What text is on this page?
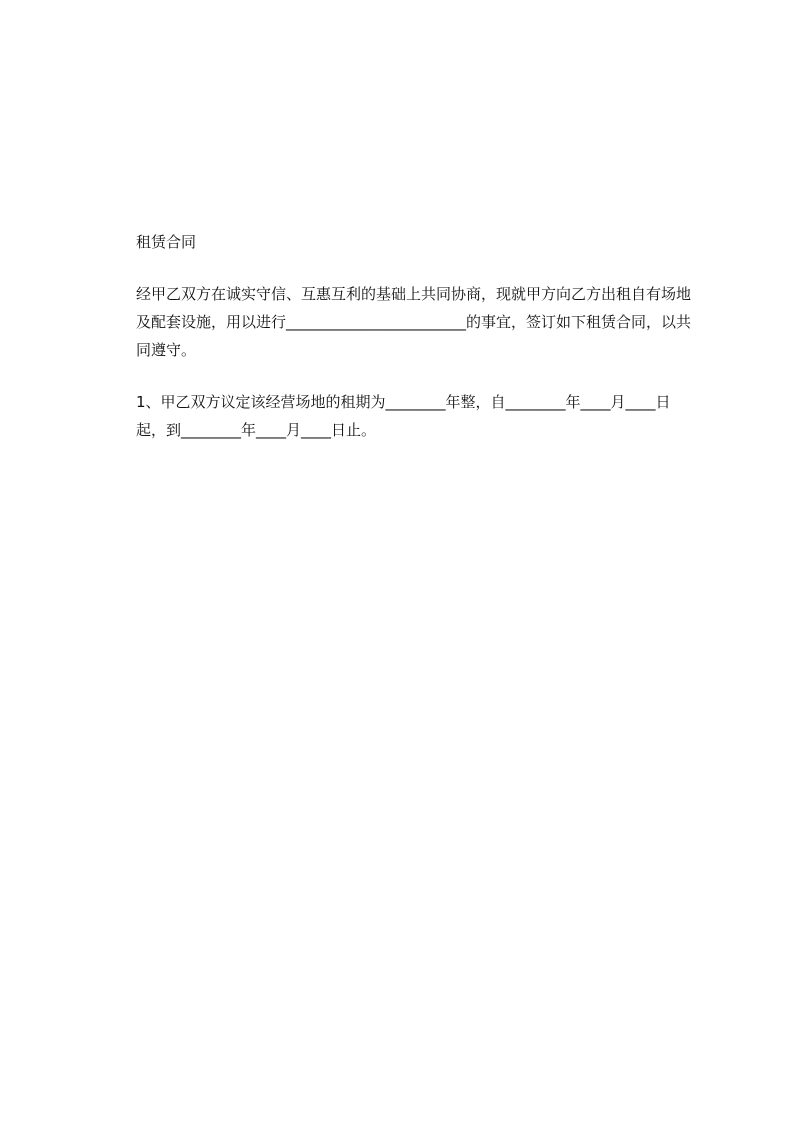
租赁合同

经甲乙双方在诚实守信、互惠互利的基础上共同协商，现就甲方向乙方出租自有场地及配套设施，用以进行________________________的事宜，签订如下租赁合同，以共同遵守。

1、甲乙双方议定该经营场地的租期为________年整，自________年____月____日起，到________年____月____日止。
